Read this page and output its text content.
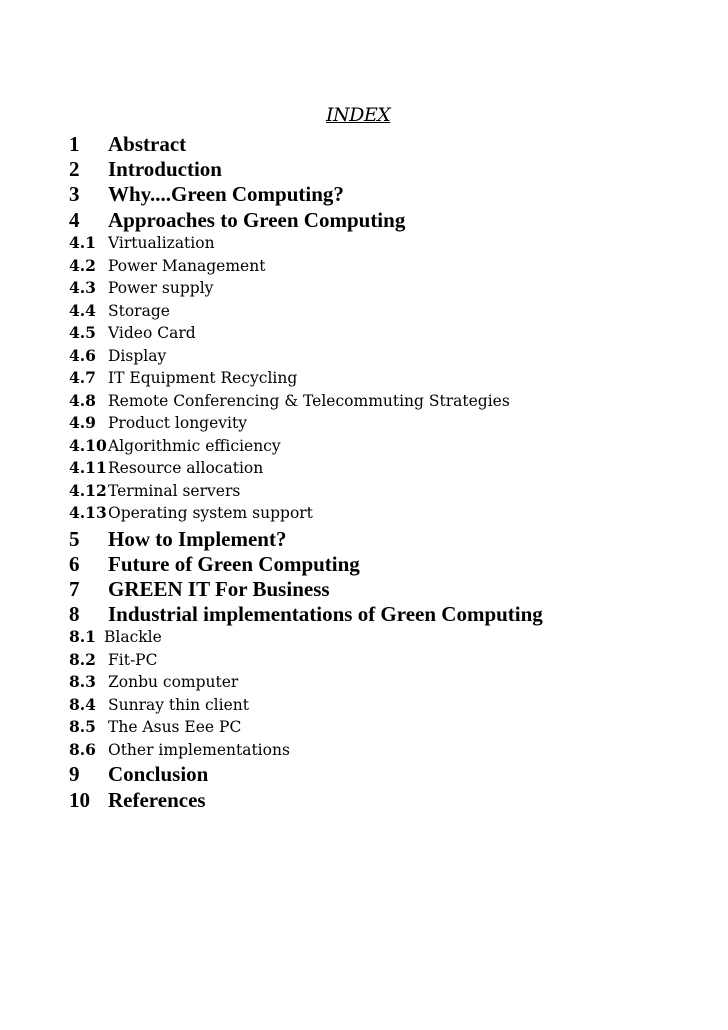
INDEX
1 Abstract
2 Introduction
3 Why....Green Computing?
4 Approaches to Green Computing
4.1 Virtualization
4.2 Power Management
4.3 Power supply
4.4 Storage
4.5 Video Card
4.6 Display
4.7 IT Equipment Recycling
4.8 Remote Conferencing & Telecommuting Strategies
4.9 Product longevity
4.10Algorithmic efficiency
4.11Resource allocation
4.12Terminal servers
4.13Operating system support
5 How to Implement?
6 Future of Green Computing
7 GREEN IT For Business
8 Industrial implementations of Green Computing
8.1 Blackle
8.2 Fit-PC
8.3 Zonbu computer
8.4 Sunray thin client
8.5 The Asus Eee PC
8.6 Other implementations
9 Conclusion
10 References
